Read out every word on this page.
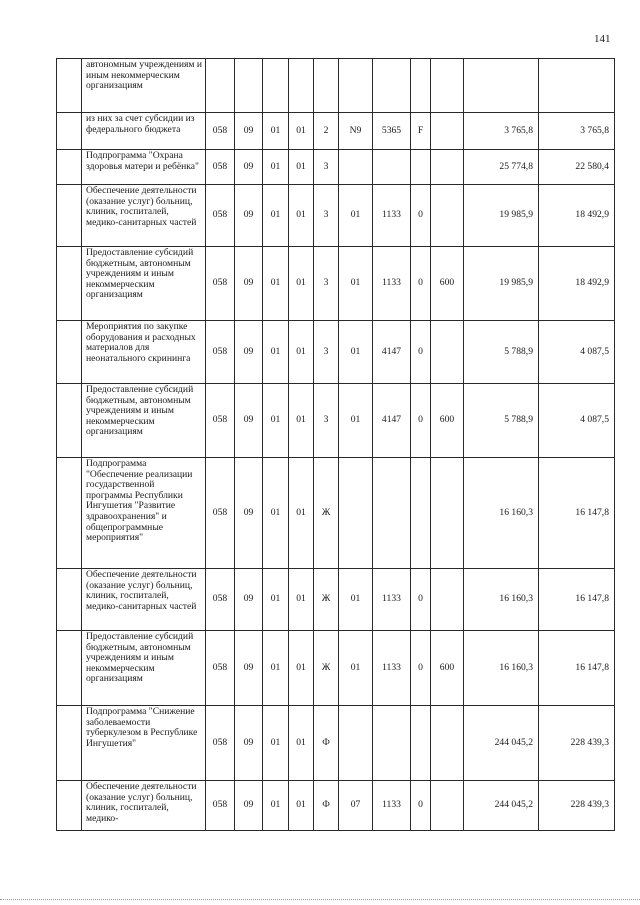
141
	автономным учреждениям и иным некоммерческим организациям											
	из них за счет субсидии из федерального бюджета	058	09	01	01	2	N9	5365	F		3 765,8	3 765,8
	Подпрограмма "Охрана здоровья матери и ребёнка"	058	09	01	01	3					25 774,8	22 580,4
	Обеспечение деятельности (оказание услуг) больниц, клиник, госпиталей, медико-санитарных частей	058	09	01	01	3	01	1133	0		19 985,9	18 492,9
	Предоставление субсидий бюджетным, автономным учреждениям и иным некоммерческим организациям	058	09	01	01	3	01	1133	0	600	19 985,9	18 492,9
	Мероприятия по закупке оборудования и расходных материалов для неонатального скрининга	058	09	01	01	3	01	4147	0		5 788,9	4 087,5
	Предоставление субсидий бюджетным, автономным учреждениям и иным некоммерческим организациям	058	09	01	01	3	01	4147	0	600	5 788,9	4 087,5
	Подпрограмма "Обеспечение реализации государственной программы Республики Ингушетия "Развитие здравоохранения" и общепрограммные мероприятия"	058	09	01	01	Ж					16 160,3	16 147,8
	Обеспечение деятельности (оказание услуг) больниц, клиник, госпиталей, медико-санитарных частей	058	09	01	01	Ж	01	1133	0		16 160,3	16 147,8
	Предоставление субсидий бюджетным, автономным учреждениям и иным некоммерческим организациям	058	09	01	01	Ж	01	1133	0	600	16 160,3	16 147,8
	Подпрограмма "Снижение заболеваемости туберкулезом в Республике Ингушетия"	058	09	01	01	Ф					244 045,2	228 439,3
	Обеспечение деятельности (оказание услуг) больниц, клиник, госпиталей, медико-	058	09	01	01	Ф	07	1133	0		244 045,2	228 439,3
